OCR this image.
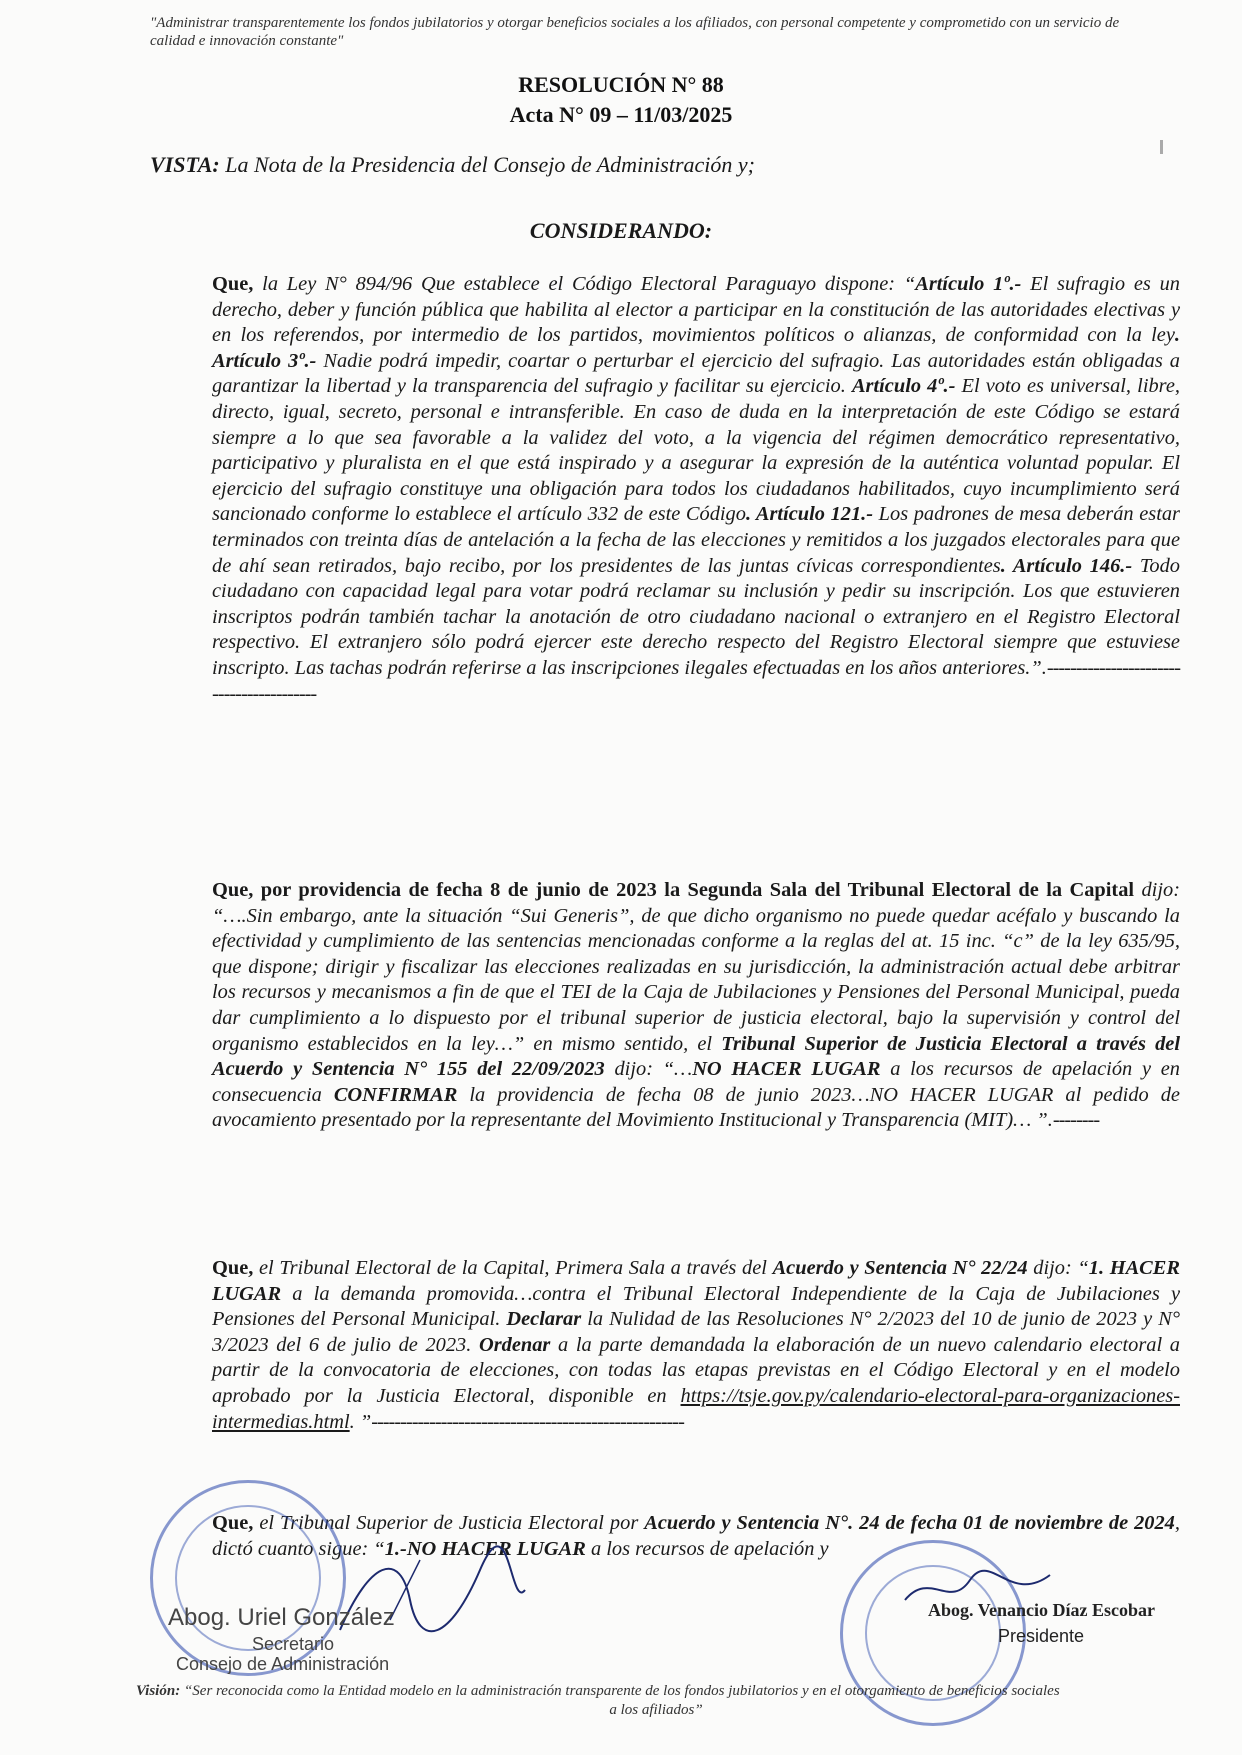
"Administrar transparentemente los fondos jubilatorios y otorgar beneficios sociales a los afiliados, con personal competente y comprometido con un servicio de calidad e innovación constante"
RESOLUCIÓN N° 88
Acta N° 09 – 11/03/2025
VISTA: La Nota de la Presidencia del Consejo de Administración y;
CONSIDERANDO:
Que, la Ley N° 894/96 Que establece el Código Electoral Paraguayo dispone: “Artículo 1º.- El sufragio es un derecho, deber y función pública que habilita al elector a participar en la constitución de las autoridades electivas y en los referendos, por intermedio de los partidos, movimientos políticos o alianzas, de conformidad con la ley. Artículo 3º.- Nadie podrá impedir, coartar o perturbar el ejercicio del sufragio. Las autoridades están obligadas a garantizar la libertad y la transparencia del sufragio y facilitar su ejercicio. Artículo 4º.- El voto es universal, libre, directo, igual, secreto, personal e intransferible. En caso de duda en la interpretación de este Código se estará siempre a lo que sea favorable a la validez del voto, a la vigencia del régimen democrático representativo, participativo y pluralista en el que está inspirado y a asegurar la expresión de la auténtica voluntad popular. El ejercicio del sufragio constituye una obligación para todos los ciudadanos habilitados, cuyo incumplimiento será sancionado conforme lo establece el artículo 332 de este Código. Artículo 121.- Los padrones de mesa deberán estar terminados con treinta días de antelación a la fecha de las elecciones y remitidos a los juzgados electorales para que de ahí sean retirados, bajo recibo, por los presidentes de las juntas cívicas correspondientes. Artículo 146.- Todo ciudadano con capacidad legal para votar podrá reclamar su inclusión y pedir su inscripción. Los que estuvieren inscriptos podrán también tachar la anotación de otro ciudadano nacional o extranjero en el Registro Electoral respectivo. El extranjero sólo podrá ejercer este derecho respecto del Registro Electoral siempre que estuviese inscripto. Las tachas podrán referirse a las inscripciones ilegales efectuadas en los años anteriores.”.-----------------------------------------
Que, por providencia de fecha 8 de junio de 2023 la Segunda Sala del Tribunal Electoral de la Capital dijo: “….Sin embargo, ante la situación “Sui Generis”, de que dicho organismo no puede quedar acéfalo y buscando la efectividad y cumplimiento de las sentencias mencionadas conforme a la reglas del at. 15 inc. “c” de la ley 635/95, que dispone; dirigir y fiscalizar las elecciones realizadas en su jurisdicción, la administración actual debe arbitrar los recursos y mecanismos a fin de que el TEI de la Caja de Jubilaciones y Pensiones del Personal Municipal, pueda dar cumplimiento a lo dispuesto por el tribunal superior de justicia electoral, bajo la supervisión y control del organismo establecidos en la ley…” en mismo sentido, el Tribunal Superior de Justicia Electoral a través del Acuerdo y Sentencia N° 155 del 22/09/2023 dijo: “…NO HACER LUGAR a los recursos de apelación y en consecuencia CONFIRMAR la providencia de fecha 08 de junio 2023…NO HACER LUGAR al pedido de avocamiento presentado por la representante del Movimiento Institucional y Transparencia (MIT)… ”.--------
Que, el Tribunal Electoral de la Capital, Primera Sala a través del Acuerdo y Sentencia N° 22/24 dijo: “1. HACER LUGAR a la demanda promovida…contra el Tribunal Electoral Independiente de la Caja de Jubilaciones y Pensiones del Personal Municipal. Declarar la Nulidad de las Resoluciones N° 2/2023 del 10 de junio de 2023 y N° 3/2023 del 6 de julio de 2023. Ordenar a la parte demandada la elaboración de un nuevo calendario electoral a partir de la convocatoria de elecciones, con todas las etapas previstas en el Código Electoral y en el modelo aprobado por la Justicia Electoral, disponible en https://tsje.gov.py/calendario-electoral-para-organizaciones-intermedias.html. ”------------------------------------------------------
Que, el Tribunal Superior de Justicia Electoral por Acuerdo y Sentencia N°. 24 de fecha 01 de noviembre de 2024, dictó cuanto sigue: “1.-NO HACER LUGAR a los recursos de apelación y
Abog. Uriel González
Secretario
Consejo de Administración
Abog. Venancio Díaz Escobar
Presidente
Visión: “Ser reconocida como la Entidad modelo en la administración transparente de los fondos jubilatorios y en el otorgamiento de beneficios sociales
a los afiliados”
